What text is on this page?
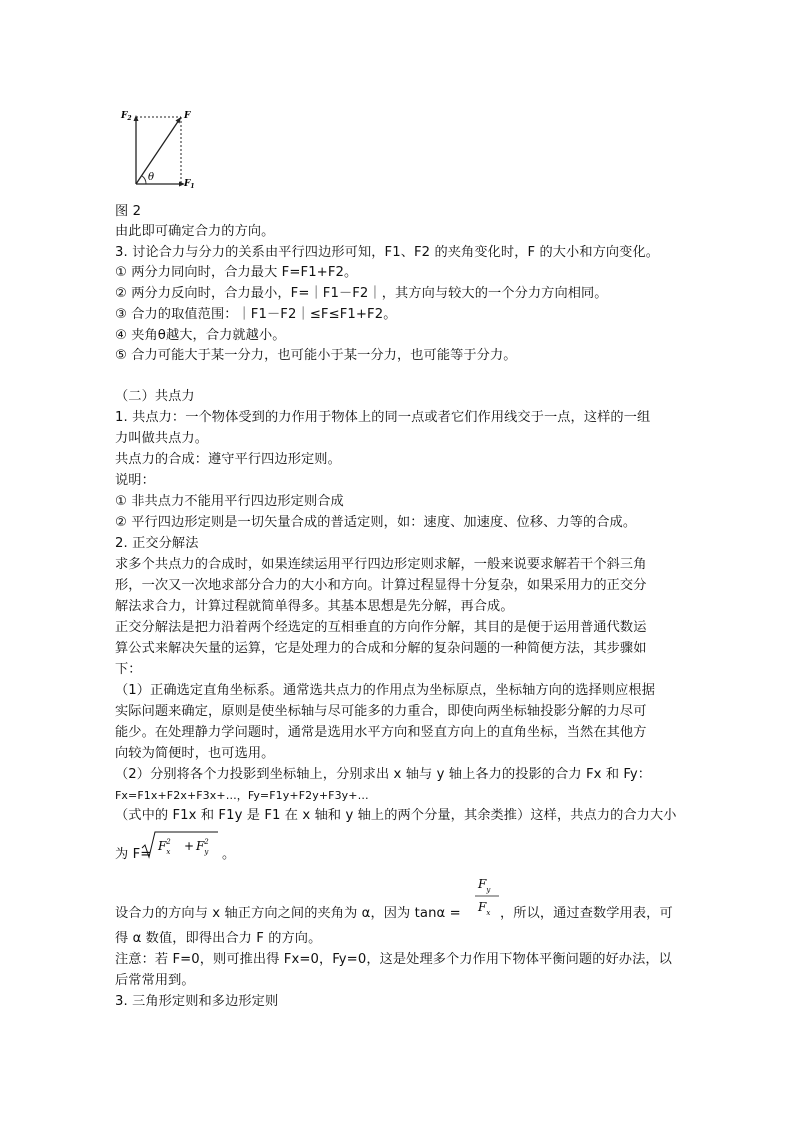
$F_2$	F
$F_1$
θ
图 2
由此即可确定合力的方向。
3. 讨论合力与分力的关系由平行四边形可知，F1、F2 的夹角变化时，F 的大小和方向变化。
① 两分力同向时，合力最大 F=F1+F2。
② 两分力反向时，合力最小，F=｜F1－F2｜，其方向与较大的一个分力方向相同。
③ 合力的取值范围：｜F1－F2｜≤F≤F1+F2。
④ 夹角θ越大，合力就越小。
⑤ 合力可能大于某一分力，也可能小于某一分力，也可能等于分力。
（二）共点力
1. 共点力：一个物体受到的力作用于物体上的同一点或者它们作用线交于一点，这样的一组
力叫做共点力。
共点力的合成：遵守平行四边形定则。
说明：
① 非共点力不能用平行四边形定则合成
② 平行四边形定则是一切矢量合成的普适定则，如：速度、加速度、位移、力等的合成。
2. 正交分解法
求多个共点力的合成时，如果连续运用平行四边形定则求解，一般来说要求解若干个斜三角
形，一次又一次地求部分合力的大小和方向。计算过程显得十分复杂，如果采用力的正交分
解法求合力，计算过程就简单得多。其基本思想是先分解，再合成。
正交分解法是把力沿着两个经选定的互相垂直的方向作分解，其目的是便于运用普通代数运
算公式来解决矢量的运算，它是处理力的合成和分解的复杂问题的一种简便方法，其步骤如
下：
（1）正确选定直角坐标系。通常选共点力的作用点为坐标原点，坐标轴方向的选择则应根据
实际问题来确定，原则是使坐标轴与尽可能多的力重合，即使向两坐标轴投影分解的力尽可
能少。在处理静力学问题时，通常是选用水平方向和竖直方向上的直角坐标，当然在其他方
向较为简便时，也可选用。
（2）分别将各个力投影到坐标轴上，分别求出 x 轴与 y 轴上各力的投影的合力 Fx 和 Fy：
Fx=F1x+F2x+F3x+…，Fy=F1y+F2y+F3y+…
（式中的 F1x 和 F1y 是 F1 在 x 轴和 y 轴上的两个分量，其余类推）这样，共点力的合力大小
为 F=
$F_x2 + F_y2$
。
设合力的方向与 x 轴正方向之间的夹角为 α，因为 tanα =
$F_y$
$F_x$ ，所以，通过查数学用表，可
得 α 数值，即得出合力 F 的方向。
注意：若 F=0，则可推出得 Fx=0，Fy=0，这是处理多个力作用下物体平衡问题的好办法，以
后常常用到。
3. 三角形定则和多边形定则
